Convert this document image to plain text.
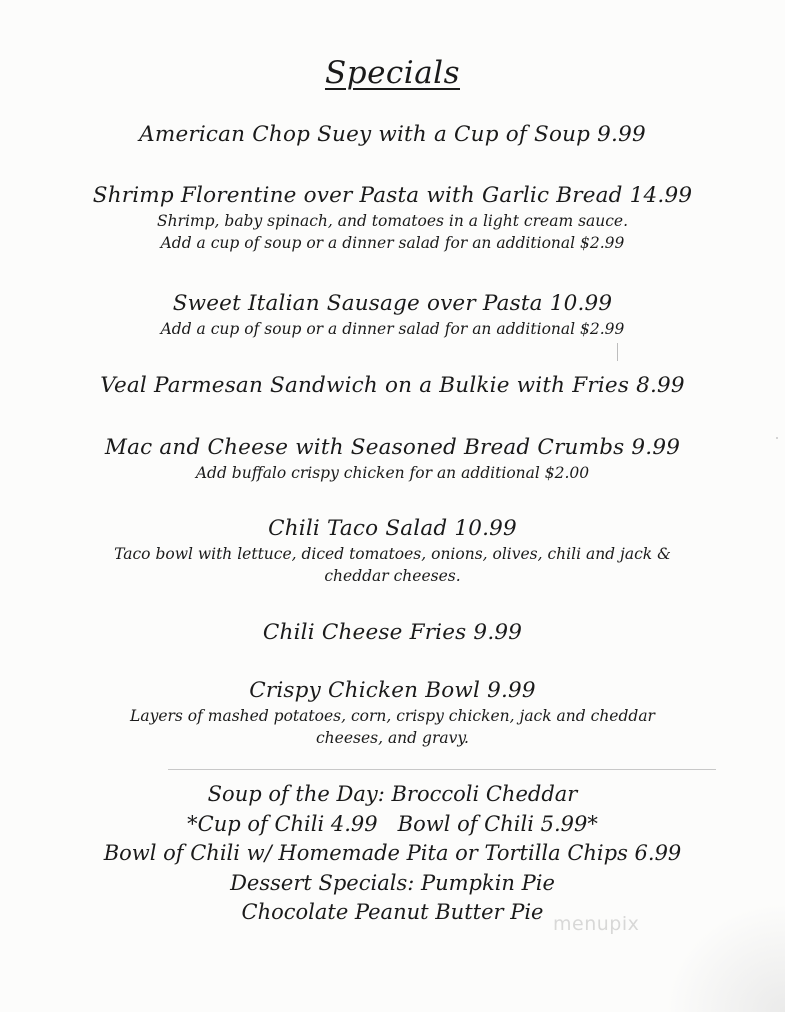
Specials
American Chop Suey with a Cup of Soup 9.99
Shrimp Florentine over Pasta with Garlic Bread 14.99
Shrimp, baby spinach, and tomatoes in a light cream sauce.
Add a cup of soup or a dinner salad for an additional $2.99
Sweet Italian Sausage over Pasta 10.99
Add a cup of soup or a dinner salad for an additional $2.99
Veal Parmesan Sandwich on a Bulkie with Fries 8.99
Mac and Cheese with Seasoned Bread Crumbs 9.99
Add buffalo crispy chicken for an additional $2.00
Chili Taco Salad 10.99
Taco bowl with lettuce, diced tomatoes, onions, olives, chili and jack &
cheddar cheeses.
Chili Cheese Fries 9.99
Crispy Chicken Bowl 9.99
Layers of mashed potatoes, corn, crispy chicken, jack and cheddar
cheeses, and gravy.
Soup of the Day: Broccoli Cheddar
*Cup of Chili 4.99   Bowl of Chili 5.99*
Bowl of Chili w/ Homemade Pita or Tortilla Chips 6.99
Dessert Specials: Pumpkin Pie
Chocolate Peanut Butter Pie menupix
